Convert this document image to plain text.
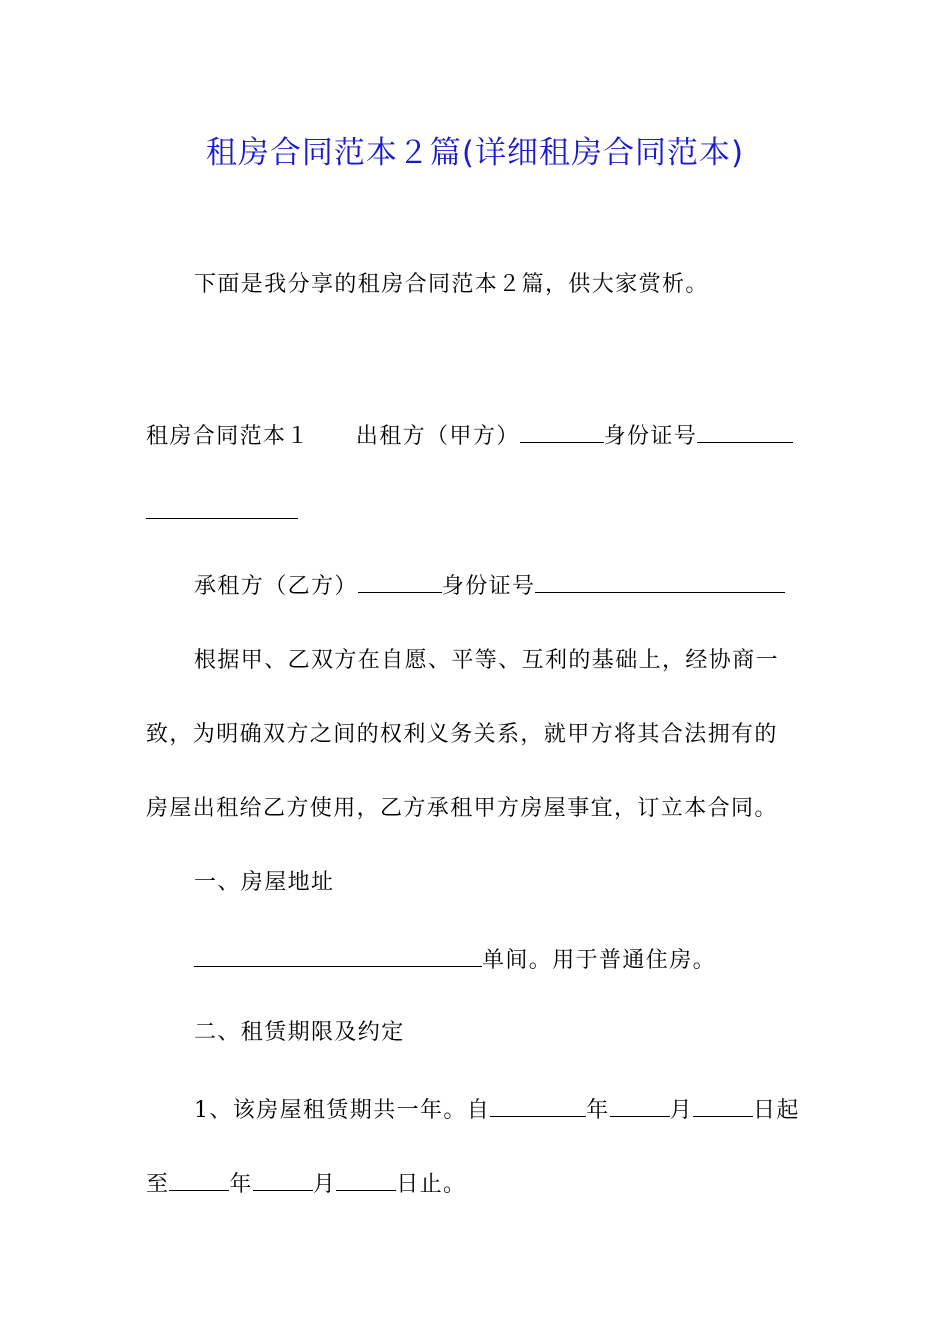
租房合同范本２篇(详细租房合同范本)
下面是我分享的租房合同范本２篇，供大家赏析。
租房合同范本１ 出租方（甲方）	身份证号
承租方（乙方）	身份证号
根据甲、乙双方在自愿、平等、互利的基础上，经协商一
致，为明确双方之间的权利义务关系，就甲方将其合法拥有的
房屋出租给乙方使用，乙方承租甲方房屋事宜，订立本合同。
一、房屋地址
单间。用于普通住房。
二、租赁期限及约定
1、该房屋租赁期共一年。自	年	月	日起
至	年	月	日止。
